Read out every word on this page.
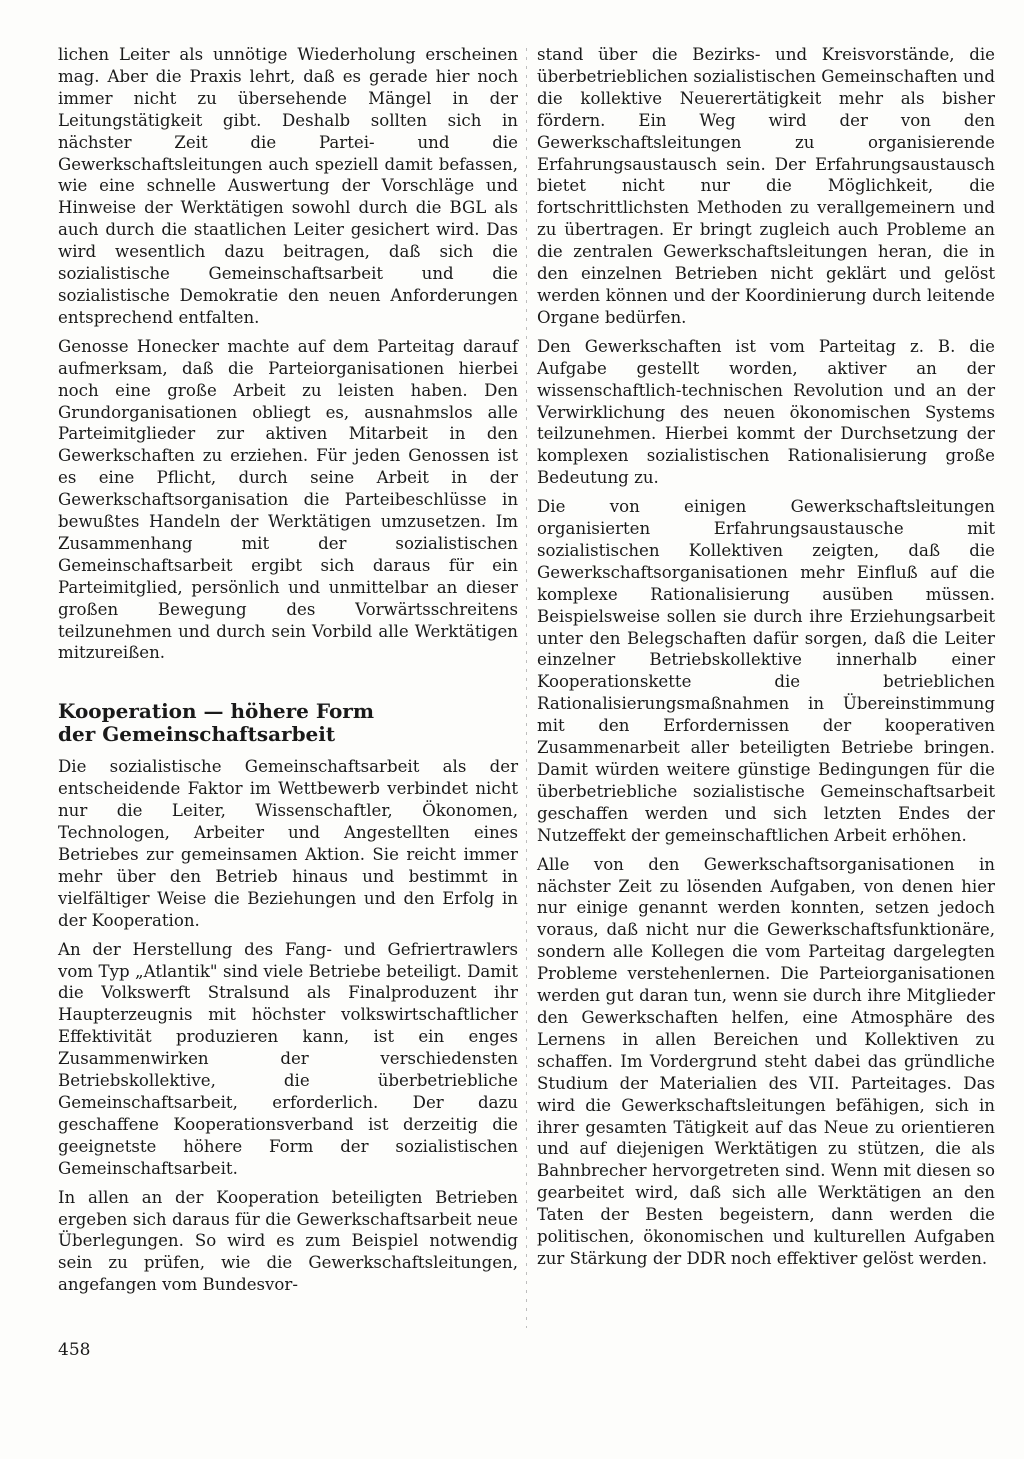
lichen Leiter als unnötige Wiederholung erscheinen mag. Aber die Praxis lehrt, daß es gerade hier noch immer nicht zu übersehende Mängel in der Leitungstätigkeit gibt. Deshalb sollten sich in nächster Zeit die Partei- und die Gewerkschaftsleitungen auch speziell damit befassen, wie eine schnelle Auswertung der Vorschläge und Hinweise der Werktätigen sowohl durch die BGL als auch durch die staatlichen Leiter gesichert wird. Das wird wesentlich dazu beitragen, daß sich die sozialistische Gemeinschaftsarbeit und die sozialistische Demokratie den neuen Anforderungen entsprechend entfalten.

Genosse Honecker machte auf dem Parteitag darauf aufmerksam, daß die Parteiorganisationen hierbei noch eine große Arbeit zu leisten haben. Den Grundorganisationen obliegt es, ausnahmslos alle Parteimitglieder zur aktiven Mitarbeit in den Gewerkschaften zu erziehen. Für jeden Genossen ist es eine Pflicht, durch seine Arbeit in der Gewerkschaftsorganisation die Parteibeschlüsse in bewußtes Handeln der Werktätigen umzusetzen. Im Zusammenhang mit der sozialistischen Gemeinschaftsarbeit ergibt sich daraus für ein Parteimitglied, persönlich und unmittelbar an dieser großen Bewegung des Vorwärtsschreitens teilzunehmen und durch sein Vorbild alle Werktätigen mitzureißen.

Kooperation — höhere Form
der Gemeinschaftsarbeit

Die sozialistische Gemeinschaftsarbeit als der entscheidende Faktor im Wettbewerb verbindet nicht nur die Leiter, Wissenschaftler, Ökonomen, Technologen, Arbeiter und Angestellten eines Betriebes zur gemeinsamen Aktion. Sie reicht immer mehr über den Betrieb hinaus und bestimmt in vielfältiger Weise die Beziehungen und den Erfolg in der Kooperation.

An der Herstellung des Fang- und Gefriertrawlers vom Typ „Atlantik" sind viele Betriebe beteiligt. Damit die Volkswerft Stralsund als Finalproduzent ihr Haupterzeugnis mit höchster volkswirtschaftlicher Effektivität produzieren kann, ist ein enges Zusammenwirken der verschiedensten Betriebskollektive, die überbetriebliche Gemeinschaftsarbeit, erforderlich. Der dazu geschaffene Kooperationsverband ist derzeitig die geeignetste höhere Form der sozialistischen Gemeinschaftsarbeit.

In allen an der Kooperation beteiligten Betrieben ergeben sich daraus für die Gewerkschaftsarbeit neue Überlegungen. So wird es zum Beispiel notwendig sein zu prüfen, wie die Gewerkschaftsleitungen, angefangen vom Bundesvor-

stand über die Bezirks- und Kreisvorstände, die überbetrieblichen sozialistischen Gemeinschaften und die kollektive Neuerertätigkeit mehr als bisher fördern. Ein Weg wird der von den Gewerkschaftsleitungen zu organisierende Erfahrungsaustausch sein. Der Erfahrungsaustausch bietet nicht nur die Möglichkeit, die fortschrittlichsten Methoden zu verallgemeinern und zu übertragen. Er bringt zugleich auch Probleme an die zentralen Gewerkschaftsleitungen heran, die in den einzelnen Betrieben nicht geklärt und gelöst werden können und der Koordinierung durch leitende Organe bedürfen.

Den Gewerkschaften ist vom Parteitag z. B. die Aufgabe gestellt worden, aktiver an der wissenschaftlich-technischen Revolution und an der Verwirklichung des neuen ökonomischen Systems teilzunehmen. Hierbei kommt der Durchsetzung der komplexen sozialistischen Rationalisierung große Bedeutung zu.

Die von einigen Gewerkschaftsleitungen organisierten Erfahrungsaustausche mit sozialistischen Kollektiven zeigten, daß die Gewerkschaftsorganisationen mehr Einfluß auf die komplexe Rationalisierung ausüben müssen. Beispielsweise sollen sie durch ihre Erziehungsarbeit unter den Belegschaften dafür sorgen, daß die Leiter einzelner Betriebskollektive innerhalb einer Kooperationskette die betrieblichen Rationalisierungsmaßnahmen in Übereinstimmung mit den Erfordernissen der kooperativen Zusammenarbeit aller beteiligten Betriebe bringen. Damit würden weitere günstige Bedingungen für die überbetriebliche sozialistische Gemeinschaftsarbeit geschaffen werden und sich letzten Endes der Nutzeffekt der gemeinschaftlichen Arbeit erhöhen.

Alle von den Gewerkschaftsorganisationen in nächster Zeit zu lösenden Aufgaben, von denen hier nur einige genannt werden konnten, setzen jedoch voraus, daß nicht nur die Gewerkschaftsfunktionäre, sondern alle Kollegen die vom Parteitag dargelegten Probleme verstehenlernen. Die Parteiorganisationen werden gut daran tun, wenn sie durch ihre Mitglieder den Gewerkschaften helfen, eine Atmosphäre des Lernens in allen Bereichen und Kollektiven zu schaffen. Im Vordergrund steht dabei das gründliche Studium der Materialien des VII. Parteitages. Das wird die Gewerkschaftsleitungen befähigen, sich in ihrer gesamten Tätigkeit auf das Neue zu orientieren und auf diejenigen Werktätigen zu stützen, die als Bahnbrecher hervorgetreten sind. Wenn mit diesen so gearbeitet wird, daß sich alle Werktätigen an den Taten der Besten begeistern, dann werden die politischen, ökonomischen und kulturellen Aufgaben zur Stärkung der DDR noch effektiver gelöst werden.

458
